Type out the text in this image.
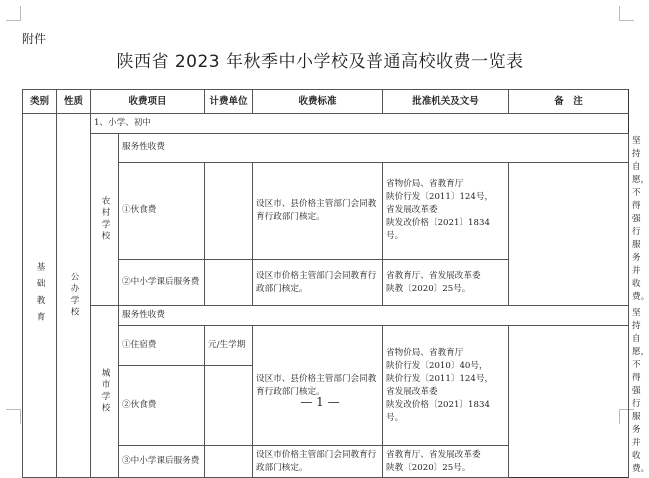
附件
陕西省 2023 年秋季中小学校及普通高校收费一览表
类别	性质	收费项目		计费单位	收费标准	批准机关及文号	备　注	
基础教育	公办学校	1、小学、初中						
		农村学校	服务性收费					坚持自愿，不得强行服务并收费。
			①伙食费		设区市、县价格主管部门会同教育行政部门核定。	省物价局、省教育厅
陕价行发〔2011〕124号，
省发展改革委
陕发改价格〔2021〕1834号。		
			②中小学课后服务费		设区市价格主管部门会同教育行政部门核定。	省教育厅、省发展改革委
陕教〔2020〕25号。		
		城市学校	服务性收费					坚持自愿，不得强行服务并收费。
			①住宿费	元/生学期	设区市、县价格主管部门会同教育行政部门核定。	省物价局、省教育厅
陕价行发〔2010〕40号，
陕价行发〔2011〕124号，
省发展改革委
陕发改价格〔2021〕1834号。		
			②伙食费					

			③中小学课后服务费		设区市价格主管部门会同教育行政部门核定。	省教育厅、省发展改革委
陕教〔2020〕25号。		
— 1 —
